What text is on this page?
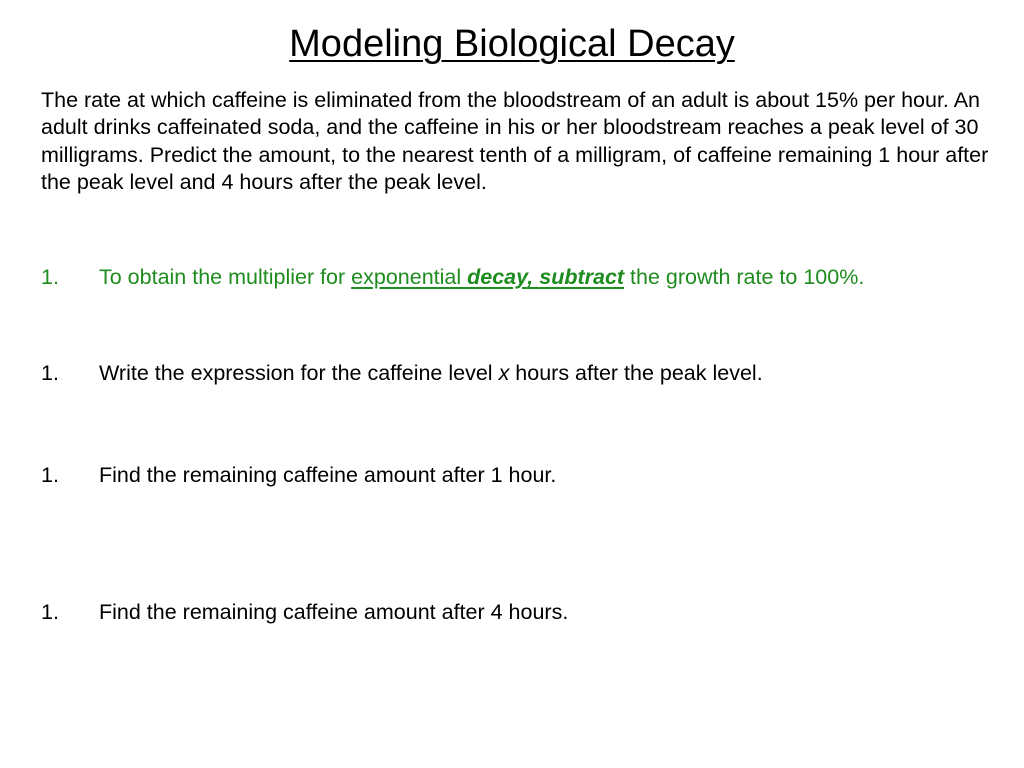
Modeling Biological Decay

The rate at which caffeine is eliminated from the bloodstream of an adult is about 15% per hour. An adult drinks caffeinated soda, and the caffeine in his or her bloodstream reaches a peak level of 30 milligrams. Predict the amount, to the nearest tenth of a milligram, of caffeine remaining 1 hour after the peak level and 4 hours after the peak level.

1. To obtain the multiplier for exponential decay, subtract the growth rate to 100%.
1. Write the expression for the caffeine level x hours after the peak level.
1. Find the remaining caffeine amount after 1 hour.
1. Find the remaining caffeine amount after 4 hours.
